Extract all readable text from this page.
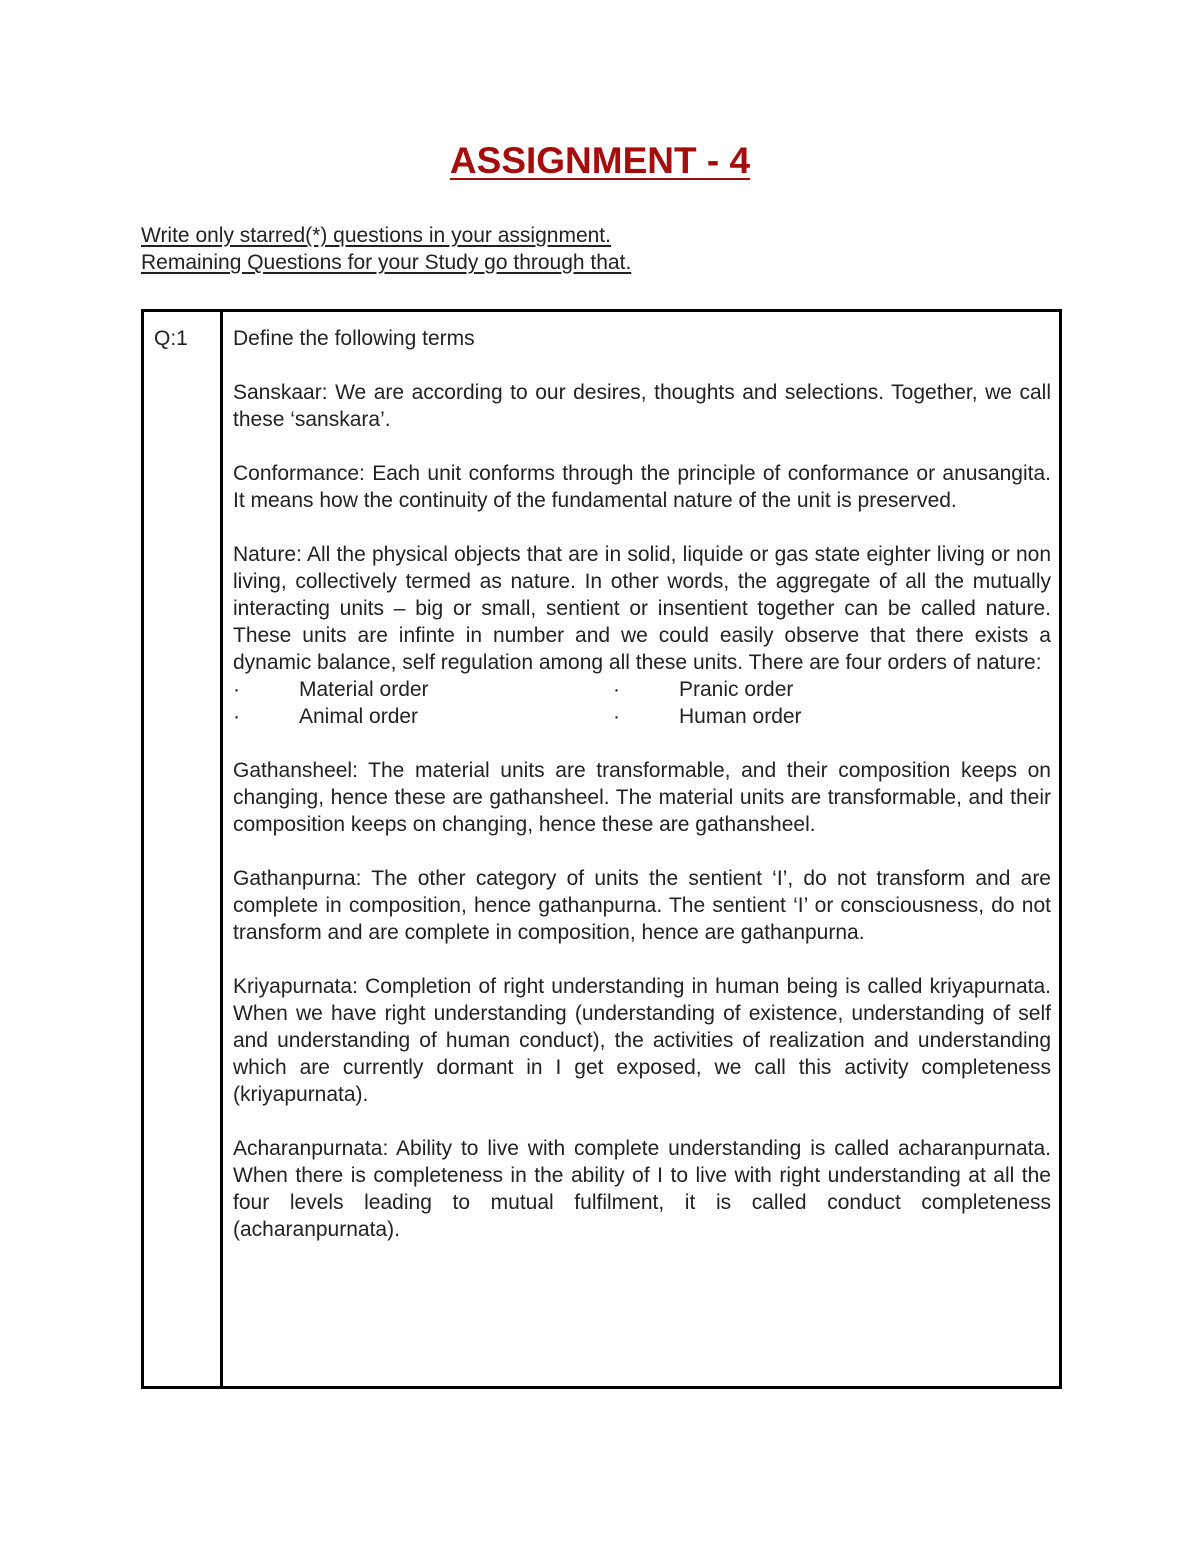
ASSIGNMENT - 4
Write only starred(*) questions in your assignment.
Remaining Questions for your Study go through that.
Q:1 Define the following terms

Sanskaar: We are according to our desires, thoughts and selections. Together, we call these ‘sanskara’.

Conformance: Each unit conforms through the principle of conformance or anusangita. It means how the continuity of the fundamental nature of the unit is preserved.

Nature: All the physical objects that are in solid, liquide or gas state eighter living or non living, collectively termed as nature. In other words, the aggregate of all the mutually interacting units – big or small, sentient or insentient together can be called nature. These units are infinte in number and we could easily observe that there exists a dynamic balance, self regulation among all these units. There are four orders of nature:

·	Material order	·	Pranic order
·	Animal order	·	Human order

Gathansheel: The material units are transformable, and their composition keeps on changing, hence these are gathansheel. The material units are transformable, and their composition keeps on changing, hence these are gathansheel.

Gathanpurna: The other category of units the sentient ‘I’, do not transform and are complete in composition, hence gathanpurna. The sentient ‘I’ or consciousness, do not transform and are complete in composition, hence are gathanpurna.

Kriyapurnata: Completion of right understanding in human being is called kriyapurnata. When we have right understanding (understanding of existence, understanding of self and understanding of human conduct), the activities of realization and understanding which are currently dormant in I get exposed, we call this activity completeness (kriyapurnata).

Acharanpurnata: Ability to live with complete understanding is called acharanpurnata. When there is completeness in the ability of I to live with right understanding at all the four levels leading to mutual fulfilment, it is called conduct completeness (acharanpurnata).
